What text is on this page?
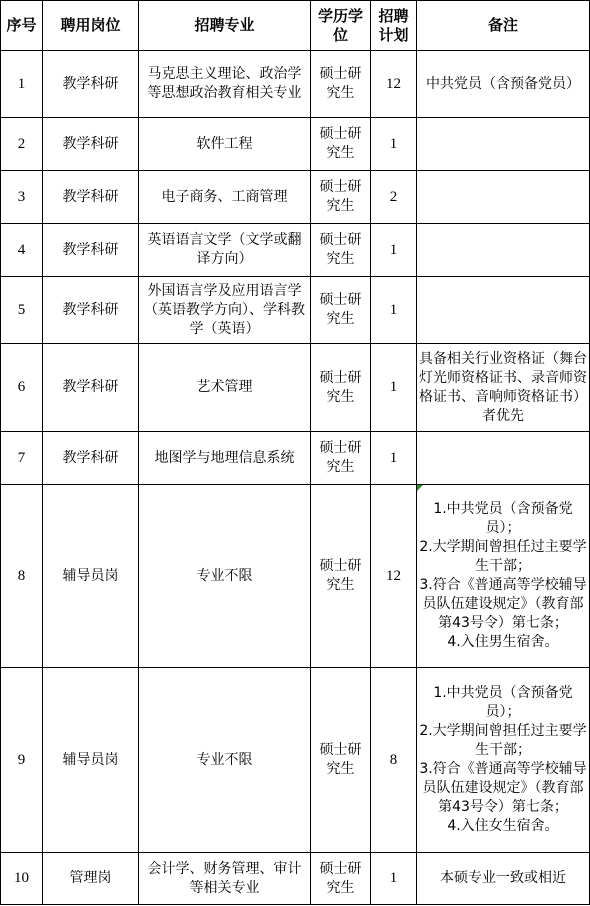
序号	聘用岗位	招聘专业	学历学位	招聘计划	备注
1	教学科研	马克思主义理论、政治学等思想政治教育相关专业	硕士研究生	12	中共党员（含预备党员）
2	教学科研	软件工程	硕士研究生	1	
3	教学科研	电子商务、工商管理	硕士研究生	2	
4	教学科研	英语语言文学（文学或翻译方向）	硕士研究生	1	
5	教学科研	外国语言学及应用语言学（英语教学方向）、学科教学（英语）	硕士研究生	1	
6	教学科研	艺术管理	硕士研究生	1	具备相关行业资格证（舞台灯光师资格证书、录音师资格证书、音响师资格证书）者优先
7	教学科研	地图学与地理信息系统	硕士研究生	1	
8	辅导员岗	专业不限	硕士研究生	12	1.中共党员（含预备党员）；
2.大学期间曾担任过主要学生干部；
3.符合《普通高等学校辅导员队伍建设规定》（教育部第43号令）第七条；
4.入住男生宿舍。

9	辅导员岗	专业不限	硕士研究生	8	1.中共党员（含预备党员）；
2.大学期间曾担任过主要学生干部；
3.符合《普通高等学校辅导员队伍建设规定》（教育部第43号令）第七条；
4.入住女生宿舍。

10	管理岗	会计学、财务管理、审计等相关专业	硕士研究生	1	本硕专业一致或相近
